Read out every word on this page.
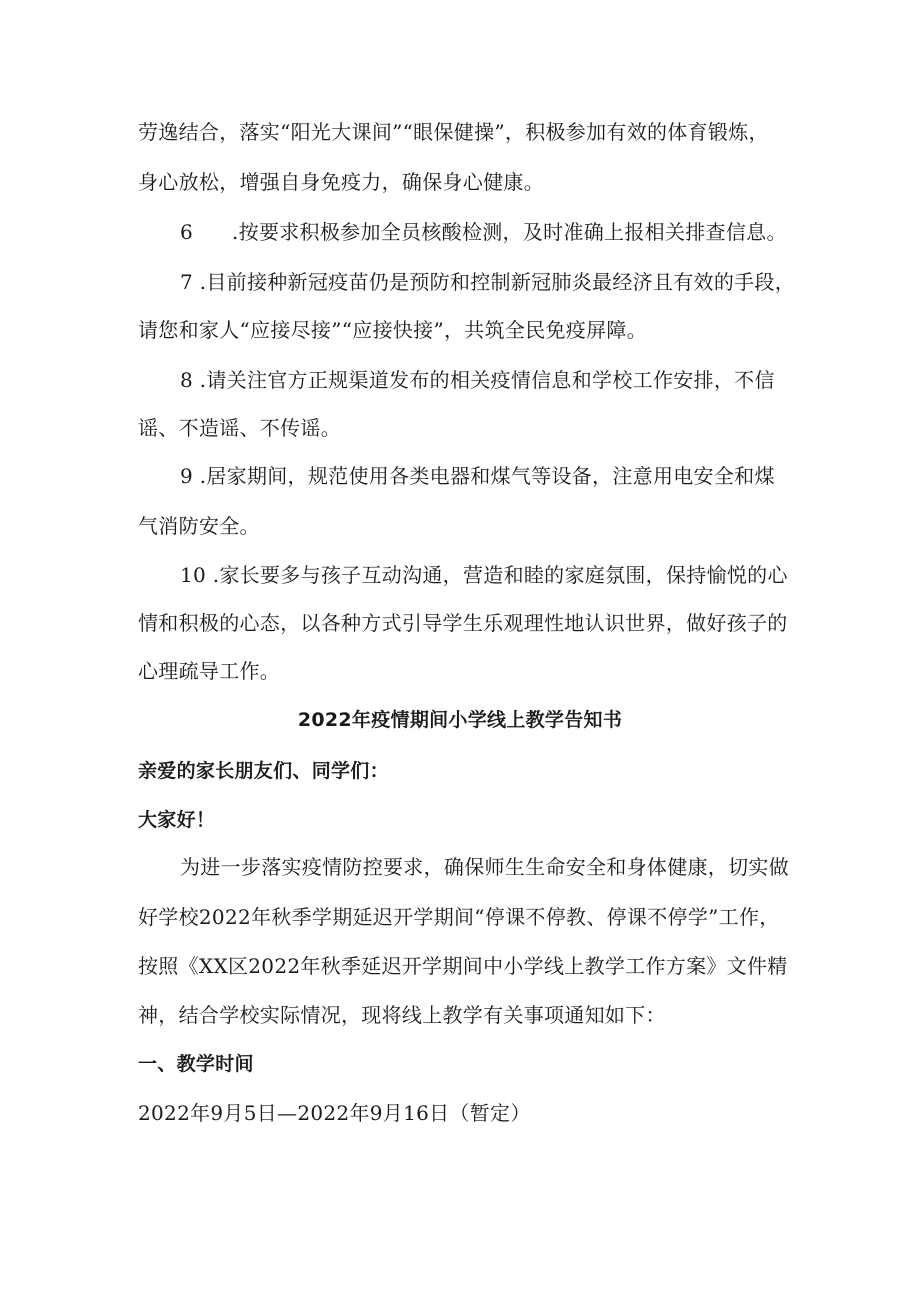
劳逸结合，落实“阳光大课间”“眼保健操”，积极参加有效的体育锻炼，
身心放松，增强自身免疫力，确保身心健康。
6 .按要求积极参加全员核酸检测，及时准确上报相关排查信息。
7 .目前接种新冠疫苗仍是预防和控制新冠肺炎最经济且有效的手段，
请您和家人“应接尽接”“应接快接”，共筑全民免疫屏障。
8 .请关注官方正规渠道发布的相关疫情信息和学校工作安排，不信
谣、不造谣、不传谣。
9 .居家期间，规范使用各类电器和煤气等设备，注意用电安全和煤
气消防安全。
10 .家长要多与孩子互动沟通，营造和睦的家庭氛围，保持愉悦的心
情和积极的心态，以各种方式引导学生乐观理性地认识世界，做好孩子的
心理疏导工作。
2022年疫情期间小学线上教学告知书
亲爱的家长朋友们、同学们：
大家好！
为进一步落实疫情防控要求，确保师生生命安全和身体健康，切实做
好学校2022年秋季学期延迟开学期间“停课不停教、停课不停学”工作，
按照《XX区2022年秋季延迟开学期间中小学线上教学工作方案》文件精
神，结合学校实际情况，现将线上教学有关事项通知如下：
一、教学时间
2022年9月5日—2022年9月16日（暂定）
